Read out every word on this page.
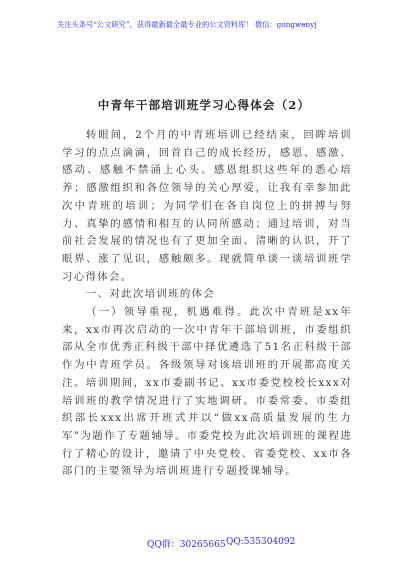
关注头条号“公文研究”，获得最新最全最专业的公文资料库！ 微信：gongwenyj
中青年干部培训班学习心得体会（2）

转眼间，2个月的中青班培训已经结束，回眸培训学习的点点滴滴，回首自己的成长经历，感恩、感激、感动、感触不禁涌上心头。感恩组织这些年的悉心培养；感激组织和各位领导的关心厚爱，让我有幸参加此次中青班的培训；为同学们在各自岗位上的拼搏与努力、真挚的感情和相互的认同所感动；通过培训，对当前社会发展的情况也有了更加全面、清晰的认识，开了眼界、涨了见识，感触颇多。现就简单谈一谈培训班学习心得体会。

一、对此次培训班的体会

（一）领导重视，机遇难得。此次中青班是xx年来，xx市再次启动的一次中青年干部培训班，市委组织部从全市优秀正科级干部中择优遴选了51名正科级干部作为中青班学员。各级领导对该培训班的开展都高度关注。培训期间，xx市委副书记、xx市委党校校长xxx对培训班的教学情况进行了实地调研。市委常委、市委组织部长xxx出席开班式并以“做xx高质量发展的生力军”为题作了专题辅导。市委党校为此次培训班的课程进行了精心的设计，邀请了中央党校、省委党校、xx市各部门的主要领导为培训班进行专题授课辅导。

QQ群：30265665 QQ:535304092
